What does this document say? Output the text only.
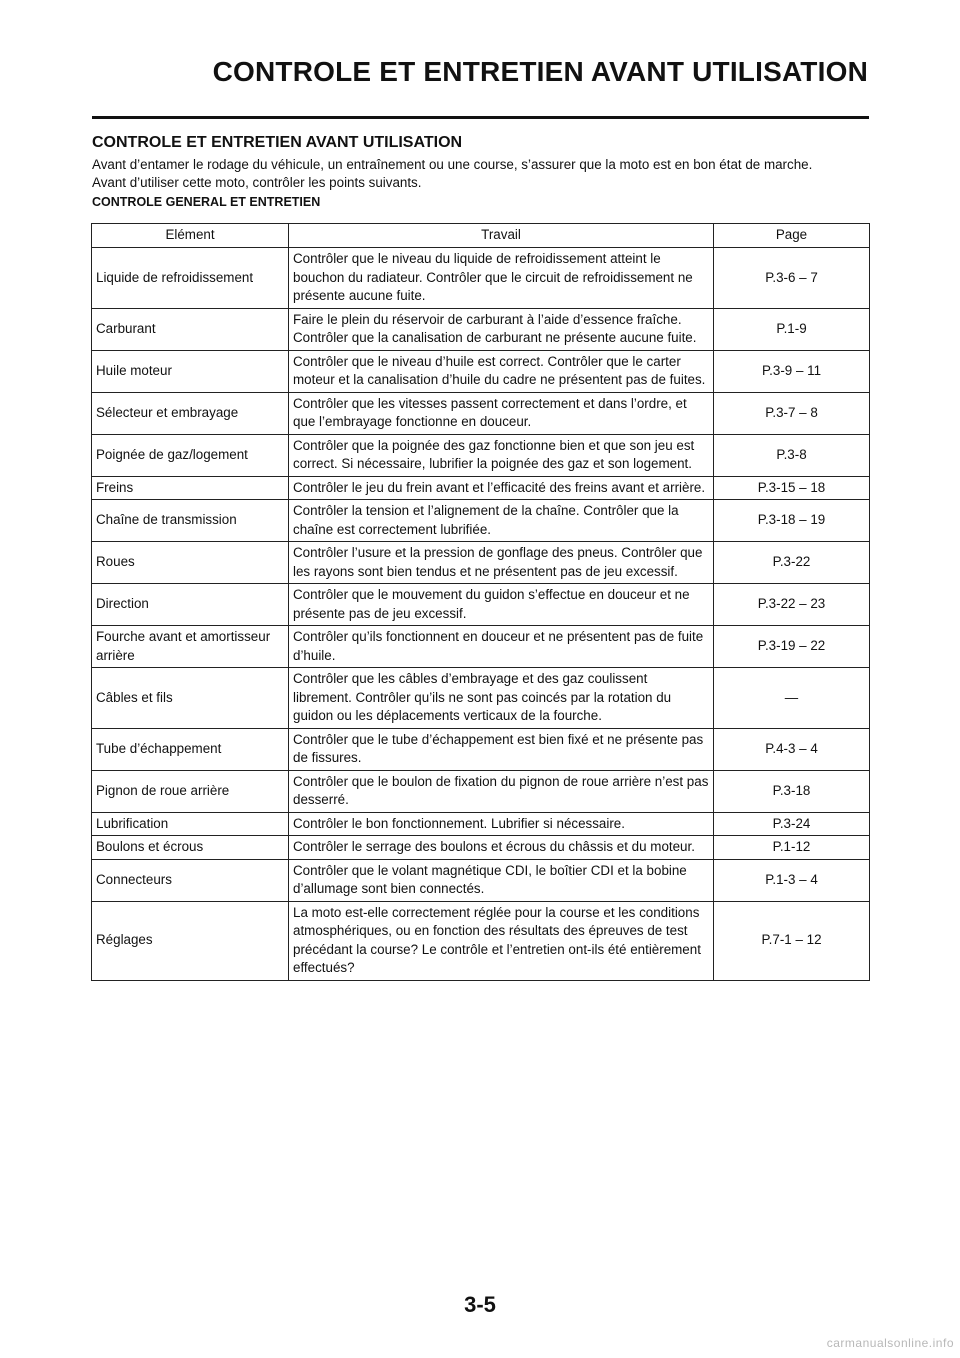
CONTROLE ET ENTRETIEN AVANT UTILISATION
CONTROLE ET ENTRETIEN AVANT UTILISATION

Avant d’entamer le rodage du véhicule, un entraînement ou une course, s’assurer que la moto est en bon état de marche.

Avant d’utiliser cette moto, contrôler les points suivants.

CONTROLE GENERAL ET ENTRETIEN
Elément	Travail	Page
Liquide de refroidissement	Contrôler que le niveau du liquide de refroidissement atteint le bouchon du radiateur. Contrôler que le circuit de refroidissement ne présente aucune fuite.	P.3-6 – 7
Carburant	Faire le plein du réservoir de carburant à l’aide d’essence fraîche. Contrôler que la canalisation de carburant ne présente aucune fuite.	P.1-9
Huile moteur	Contrôler que le niveau d’huile est correct. Contrôler que le carter moteur et la canalisation d’huile du cadre ne présentent pas de fuites.	P.3-9 – 11
Sélecteur et embrayage	Contrôler que les vitesses passent correctement et dans l’ordre, et que l’embrayage fonctionne en douceur.	P.3-7 – 8
Poignée de gaz/logement	Contrôler que la poignée des gaz fonctionne bien et que son jeu est correct. Si nécessaire, lubrifier la poignée des gaz et son logement.	P.3-8
Freins	Contrôler le jeu du frein avant et l’efficacité des freins avant et arrière.	P.3-15 – 18
Chaîne de transmission	Contrôler la tension et l’alignement de la chaîne. Contrôler que la chaîne est correctement lubrifiée.	P.3-18 – 19
Roues	Contrôler l’usure et la pression de gonflage des pneus. Contrôler que les rayons sont bien tendus et ne présentent pas de jeu excessif.	P.3-22
Direction	Contrôler que le mouvement du guidon s’effectue en douceur et ne présente pas de jeu excessif.	P.3-22 – 23
Fourche avant et amortisseur arrière	Contrôler qu’ils fonctionnent en douceur et ne présentent pas de fuite d’huile.	P.3-19 – 22
Câbles et fils	Contrôler que les câbles d’embrayage et des gaz coulissent librement. Contrôler qu’ils ne sont pas coincés par la rotation du guidon ou les déplacements verticaux de la fourche.	—
Tube d’échappement	Contrôler que le tube d’échappement est bien fixé et ne présente pas de fissures.	P.4-3 – 4
Pignon de roue arrière	Contrôler que le boulon de fixation du pignon de roue arrière n’est pas desserré.	P.3-18
Lubrification	Contrôler le bon fonctionnement. Lubrifier si nécessaire.	P.3-24
Boulons et écrous	Contrôler le serrage des boulons et écrous du châssis et du moteur.	P.1-12
Connecteurs	Contrôler que le volant magnétique CDI, le boîtier CDI et la bobine d’allumage sont bien connectés.	P.1-3 – 4
Réglages	La moto est-elle correctement réglée pour la course et les conditions atmosphériques, ou en fonction des résultats des épreuves de test précédant la course? Le contrôle et l’entretien ont-ils été entièrement effectués?	P.7-1 – 12
3-5
carmanualsonline.info
